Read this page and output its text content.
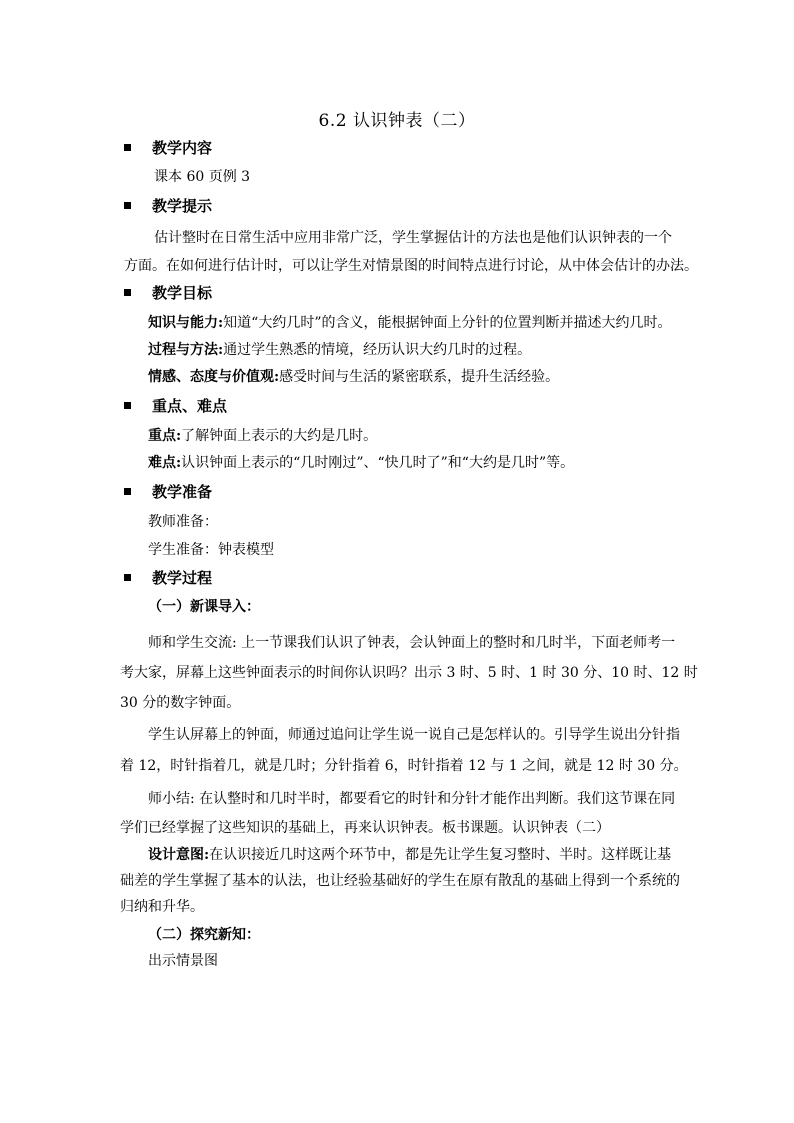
6.2 认识钟表（二）
教学内容
课本 60 页例 3
教学提示
估计整时在日常生活中应用非常广泛，学生掌握估计的方法也是他们认识钟表的一个
方面。在如何进行估计时，可以让学生对情景图的时间特点进行讨论，从中体会估计的办法。
教学目标
知识与能力:知道“大约几时”的含义，能根据钟面上分针的位置判断并描述大约几时。
过程与方法:通过学生熟悉的情境，经历认识大约几时的过程。
情感、态度与价值观:感受时间与生活的紧密联系，提升生活经验。
重点、难点
重点:了解钟面上表示的大约是几时。
难点:认识钟面上表示的“几时刚过”、“快几时了”和“大约是几时”等。
教学准备
教师准备：
学生准备：钟表模型
教学过程
（一）新课导入：
师和学生交流: 上一节课我们认识了钟表，会认钟面上的整时和几时半，下面老师考一
考大家，屏幕上这些钟面表示的时间你认识吗？出示 3 时、5 时、1 时 30 分、10 时、12 时
30 分的数字钟面。
学生认屏幕上的钟面，师通过追问让学生说一说自己是怎样认的。引导学生说出分针指
着 12，时针指着几，就是几时；分针指着 6，时针指着 12 与 1 之间，就是 12 时 30 分。
师小结: 在认整时和几时半时，都要看它的时针和分针才能作出判断。我们这节课在同
学们已经掌握了这些知识的基础上，再来认识钟表。板书课题。认识钟表（二）
设计意图:在认识接近几时这两个环节中，都是先让学生复习整时、半时。这样既让基
础差的学生掌握了基本的认法，也让经验基础好的学生在原有散乱的基础上得到一个系统的
归纳和升华。
（二）探究新知：
出示情景图
